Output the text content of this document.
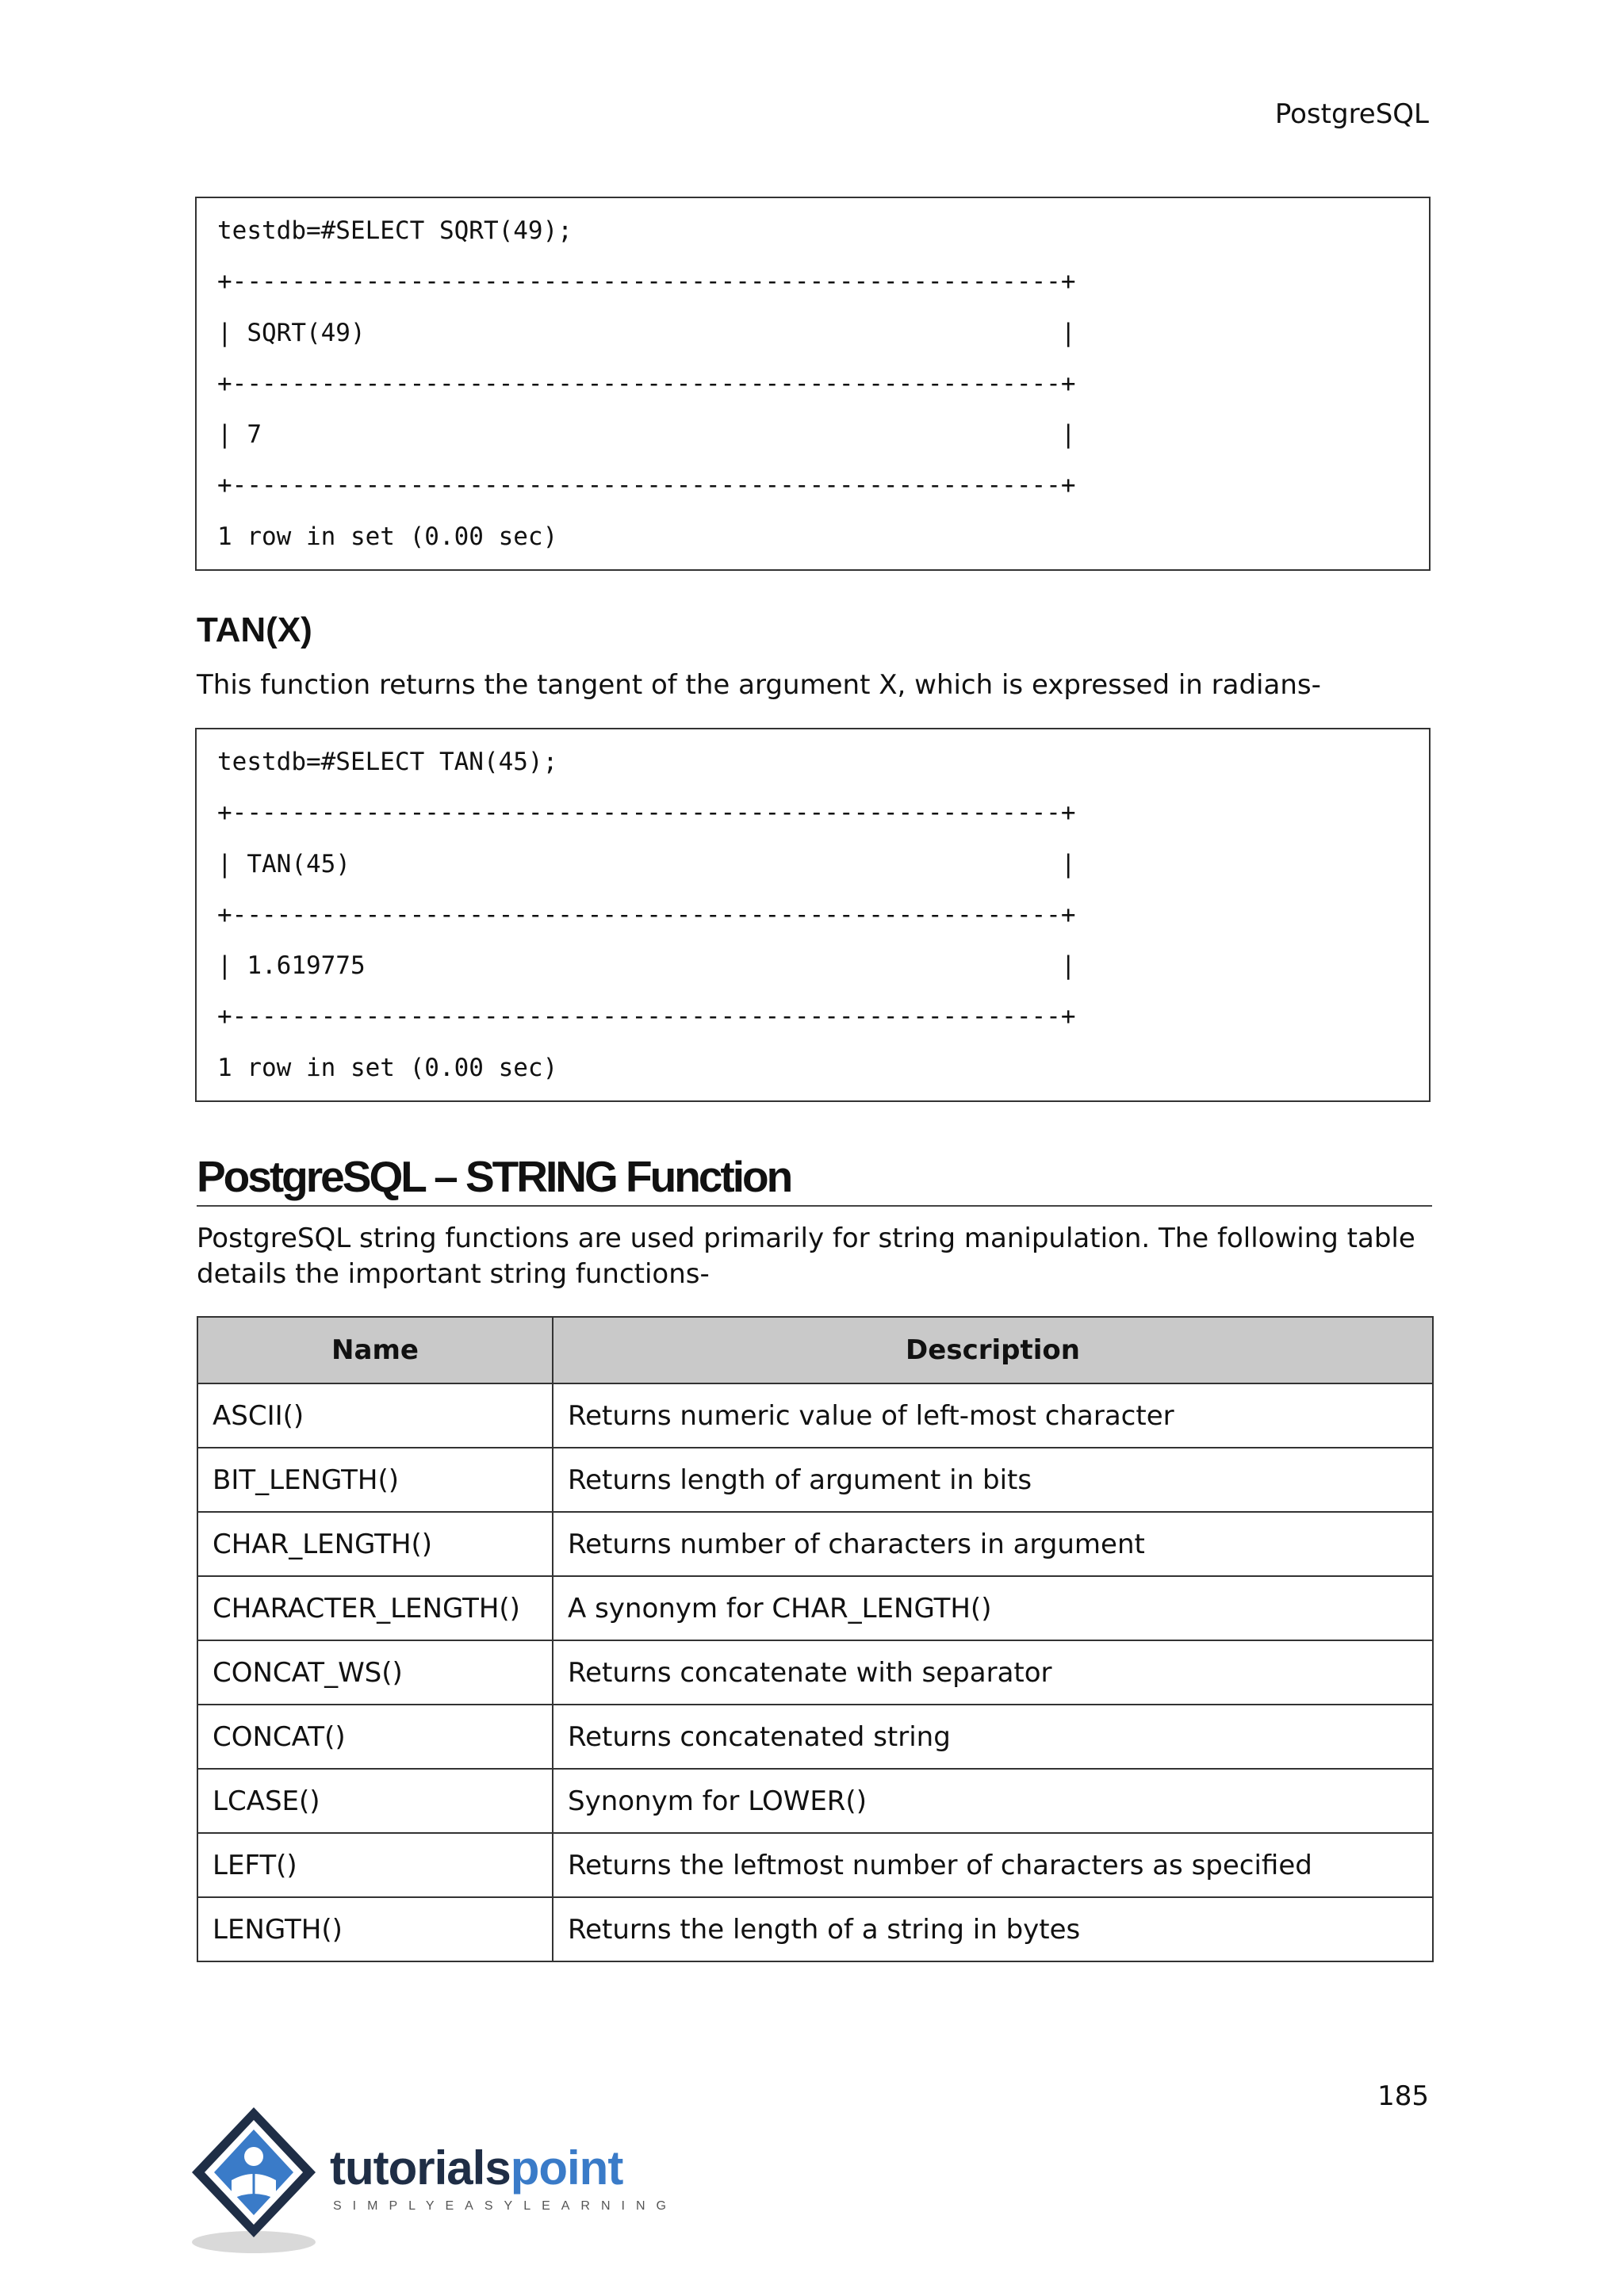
PostgreSQL
testdb=#SELECT SQRT(49);
+--------------------------------------------------------+
| SQRT(49)                                               |
+--------------------------------------------------------+
| 7                                                      |
+--------------------------------------------------------+
1 row in set (0.00 sec)
TAN(X)
This function returns the tangent of the argument X, which is expressed in radians-
testdb=#SELECT TAN(45);
+--------------------------------------------------------+
| TAN(45)                                                |
+--------------------------------------------------------+
| 1.619775                                               |
+--------------------------------------------------------+
1 row in set (0.00 sec)
PostgreSQL – STRING Function
PostgreSQL string functions are used primarily for string manipulation. The following table details the important string functions-
Name	Description
ASCII()	Returns numeric value of left-most character
BIT_LENGTH()	Returns length of argument in bits
CHAR_LENGTH()	Returns number of characters in argument
CHARACTER_LENGTH()	A synonym for CHAR_LENGTH()
CONCAT_WS()	Returns concatenate with separator
CONCAT()	Returns concatenated string
LCASE()	Synonym for LOWER()
LEFT()	Returns the leftmost number of characters as specified
LENGTH()	Returns the length of a string in bytes
185
tutorialspoint
SIMPLYEASYLEARNING
